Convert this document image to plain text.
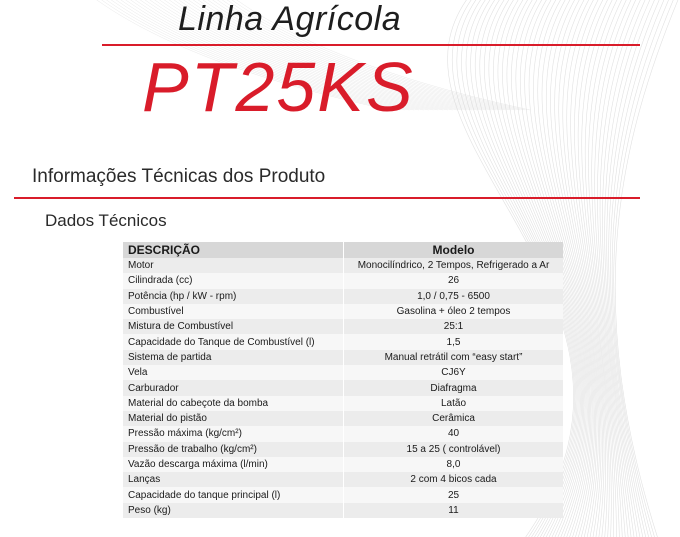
Linha Agrícola
PT25KS
Informações Técnicas dos Produto
Dados Técnicos
DESCRIÇÃO	Modelo
Motor	Monocilíndrico, 2 Tempos, Refrigerado a Ar
Cilindrada (cc)	26
Potência (hp / kW - rpm)	1,0 / 0,75 - 6500
Combustível	Gasolina + óleo 2 tempos
Mistura de Combustível	25:1
Capacidade do Tanque de Combustível (l)	1,5
Sistema de partida	Manual retrátil com “easy start”
Vela	CJ6Y
Carburador	Diafragma
Material do cabeçote da bomba	Latão
Material do pistão	Cerâmica
Pressão máxima (kg/cm²)	40
Pressão de trabalho (kg/cm²)	15 a 25 ( controlável)
Vazão descarga máxima (l/min)	8,0
Lanças	2 com 4 bicos cada
Capacidade do tanque principal (l)	25
Peso (kg)	11
